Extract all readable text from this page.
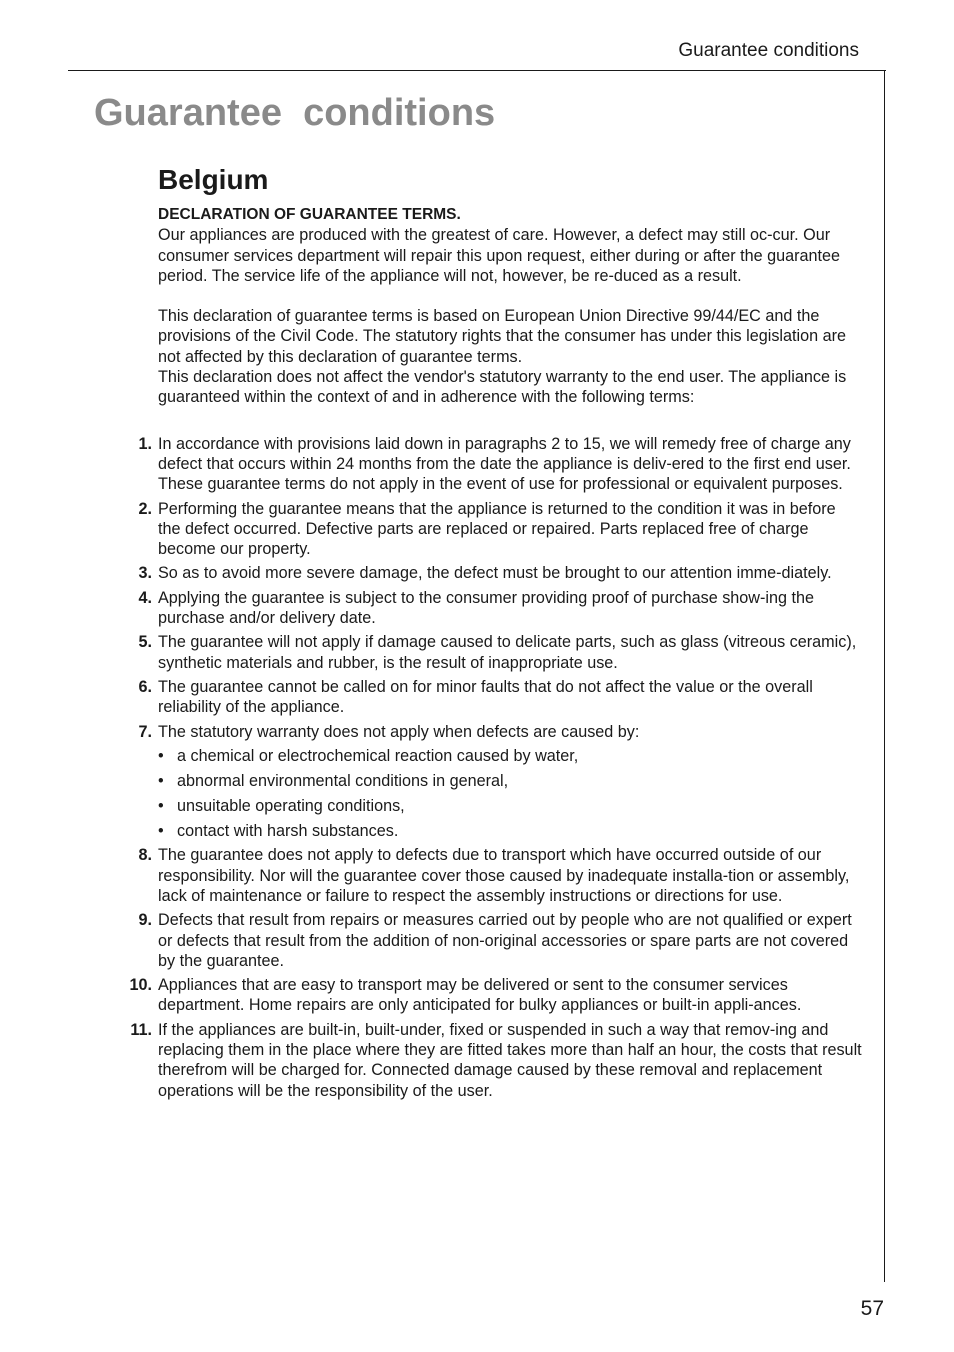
Guarantee conditions
Guarantee  conditions
Belgium

DECLARATION OF GUARANTEE TERMS.

Our appliances are produced with the greatest of care. However, a defect may still oc-cur. Our consumer services department will repair this upon request, either during or after the guarantee period. The service life of the appliance will not, however, be re-duced as a result.

This declaration of guarantee terms is based on European Union Directive 99/44/EC and the provisions of the Civil Code. The statutory rights that the consumer has under this legislation are not affected by this declaration of guarantee terms.

This declaration does not affect the vendor's statutory warranty to the end user. The appliance is guaranteed within the context of and in adherence with the following terms:

1. In accordance with provisions laid down in paragraphs 2 to 15, we will remedy free of charge any defect that occurs within 24 months from the date the appliance is deliv-ered to the first end user.
These guarantee terms do not apply in the event of use for professional or equivalent purposes.
2. Performing the guarantee means that the appliance is returned to the condition it was in before the defect occurred. Defective parts are replaced or repaired. Parts replaced free of charge become our property.
3. So as to avoid more severe damage, the defect must be brought to our attention imme-diately.
4. Applying the guarantee is subject to the consumer providing proof of purchase show-ing the purchase and/or delivery date.
5. The guarantee will not apply if damage caused to delicate parts, such as glass (vitreous ceramic), synthetic materials and rubber, is the result of inappropriate use.
6. The guarantee cannot be called on for minor faults that do not affect the value or the overall reliability of the appliance.
7. The statutory warranty does not apply when defects are caused by:
• a chemical or electrochemical reaction caused by water,
• abnormal environmental conditions in general,
• unsuitable operating conditions,
• contact with harsh substances.
8. The guarantee does not apply to defects due to transport which have occurred outside of our responsibility. Nor will the guarantee cover those caused by inadequate installa-tion or assembly, lack of maintenance or failure to respect the assembly instructions or directions for use.
9. Defects that result from repairs or measures carried out by people who are not qualified or expert or defects that result from the addition of non-original accessories or spare parts are not covered by the guarantee.
10. Appliances that are easy to transport may be delivered or sent to the consumer services department. Home repairs are only anticipated for bulky appliances or built-in appli-ances.
11. If the appliances are built-in, built-under, fixed or suspended in such a way that remov-ing and replacing them in the place where they are fitted takes more than half an hour, the costs that result therefrom will be charged for. Connected damage caused by these removal and replacement operations will be the responsibility of the user.
57
